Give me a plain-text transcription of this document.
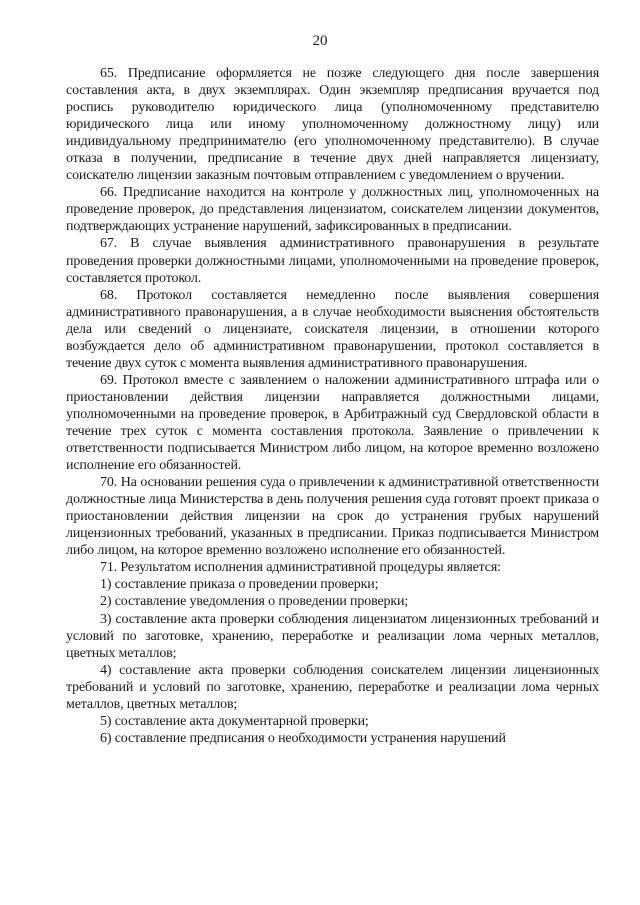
20

65. Предписание оформляется не позже следующего дня после завершения составления акта, в двух экземплярах. Один экземпляр предписания вручается под роспись руководителю юридического лица (уполномоченному представителю юридического лица или иному уполномоченному должностному лицу) или индивидуальному предпринимателю (его уполномоченному представителю). В случае отказа в получении, предписание в течение двух дней направляется лицензиату, соискателю лицензии заказным почтовым отправлением с уведомлением о вручении.

66. Предписание находится на контроле у должностных лиц, уполномоченных на проведение проверок, до представления лицензиатом, соискателем лицензии документов, подтверждающих устранение нарушений, зафиксированных в предписании.

67. В случае выявления административного правонарушения в результате проведения проверки должностными лицами, уполномоченными на проведение проверок, составляется протокол.

68. Протокол составляется немедленно после выявления совершения административного правонарушения, а в случае необходимости выяснения обстоятельств дела или сведений о лицензиате, соискателя лицензии, в отношении которого возбуждается дело об административном правонарушении, протокол составляется в течение двух суток с момента выявления административного правонарушения.

69. Протокол вместе с заявлением о наложении административного штрафа или о приостановлении действия лицензии направляется должностными лицами, уполномоченными на проведение проверок, в Арбитражный суд Свердловской области в течение трех суток с момента составления протокола. Заявление о привлечении к ответственности подписывается Министром либо лицом, на которое временно возложено исполнение его обязанностей.

70. На основании решения суда о привлечении к административной ответственности должностные лица Министерства в день получения решения суда готовят проект приказа о приостановлении действия лицензии на срок до устранения грубых нарушений лицензионных требований, указанных в предписании. Приказ подписывается Министром либо лицом, на которое временно возложено исполнение его обязанностей.

71. Результатом исполнения административной процедуры является:

1) составление приказа о проведении проверки;

2) составление уведомления о проведении проверки;

3) составление акта проверки соблюдения лицензиатом лицензионных требований и условий по заготовке, хранению, переработке и реализации лома черных металлов, цветных металлов;

4) составление акта проверки соблюдения соискателем лицензии лицензионных требований и условий по заготовке, хранению, переработке и реализации лома черных металлов, цветных металлов;

5) составление акта документарной проверки;

6) составление предписания о необходимости устранения нарушений
